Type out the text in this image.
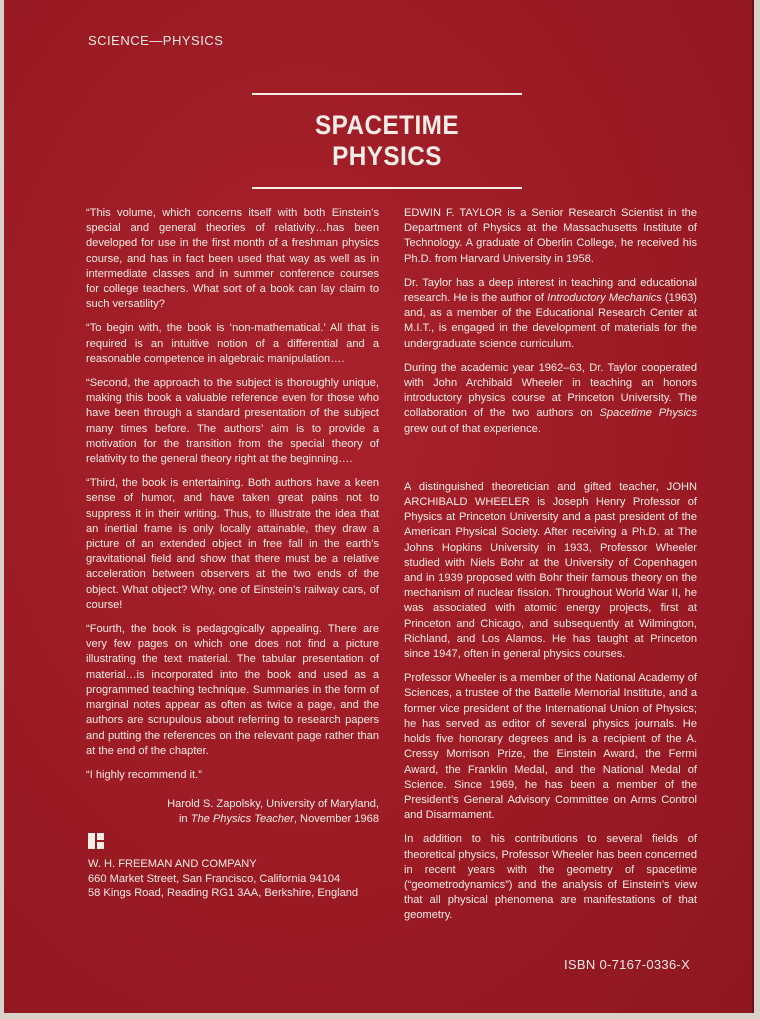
SCIENCE—PHYSICS
SPACETIME PHYSICS

“This volume, which concerns itself with both Einstein’s special and general theories of relativity…has been developed for use in the first month of a freshman physics course, and has in fact been used that way as well as in intermediate classes and in summer conference courses for college teachers. What sort of a book can lay claim to such versatility?

“To begin with, the book is ‘non-mathematical.’ All that is required is an intuitive notion of a differential and a reasonable competence in algebraic manipulation….

“Second, the approach to the subject is thoroughly unique, making this book a valuable reference even for those who have been through a standard presentation of the subject many times before. The authors’ aim is to provide a motivation for the transition from the special theory of relativity to the general theory right at the beginning….

“Third, the book is entertaining. Both authors have a keen sense of humor, and have taken great pains not to suppress it in their writing. Thus, to illustrate the idea that an inertial frame is only locally attainable, they draw a picture of an extended object in free fall in the earth’s gravitational field and show that there must be a relative acceleration between observers at the two ends of the object. What object? Why, one of Einstein’s railway cars, of course!

“Fourth, the book is pedagogically appealing. There are very few pages on which one does not find a picture illustrating the text material. The tabular presentation of material…is incorporated into the book and used as a programmed teaching technique. Summaries in the form of marginal notes appear as often as twice a page, and the authors are scrupulous about referring to research papers and putting the references on the relevant page rather than at the end of the chapter.

“I highly recommend it.”

Harold S. Zapolsky, University of Maryland,
in The Physics Teacher, November 1968

EDWIN F. TAYLOR is a Senior Research Scientist in the Department of Physics at the Massachusetts Institute of Technology. A graduate of Oberlin College, he received his Ph.D. from Harvard University in 1958.

Dr. Taylor has a deep interest in teaching and educational research. He is the author of Introductory Mechanics (1963) and, as a member of the Educational Research Center at M.I.T., is engaged in the development of materials for the undergraduate science curriculum.

During the academic year 1962–63, Dr. Taylor cooperated with John Archibald Wheeler in teaching an honors introductory physics course at Princeton University. The collaboration of the two authors on Spacetime Physics grew out of that experience.

A distinguished theoretician and gifted teacher, JOHN ARCHIBALD WHEELER is Joseph Henry Professor of Physics at Princeton University and a past president of the American Physical Society. After receiving a Ph.D. at The Johns Hopkins University in 1933, Professor Wheeler studied with Niels Bohr at the University of Copenhagen and in 1939 proposed with Bohr their famous theory on the mechanism of nuclear fission. Throughout World War II, he was associated with atomic energy projects, first at Princeton and Chicago, and subsequently at Wilmington, Richland, and Los Alamos. He has taught at Princeton since 1947, often in general physics courses.

Professor Wheeler is a member of the National Academy of Sciences, a trustee of the Battelle Memorial Institute, and a former vice president of the International Union of Physics; he has served as editor of several physics journals. He holds five honorary degrees and is a recipient of the A. Cressy Morrison Prize, the Einstein Award, the Fermi Award, the Franklin Medal, and the National Medal of Science. Since 1969, he has been a member of the President’s General Advisory Committee on Arms Control and Disarmament.

In addition to his contributions to several fields of theoretical physics, Professor Wheeler has been concerned in recent years with the geometry of spacetime (“geometrodynamics”) and the analysis of Einstein’s view that all physical phenomena are manifestations of that geometry.

W. H. FREEMAN AND COMPANY
660 Market Street, San Francisco, California 94104
58 Kings Road, Reading RG1 3AA, Berkshire, England
ISBN 0-7167-0336-X
